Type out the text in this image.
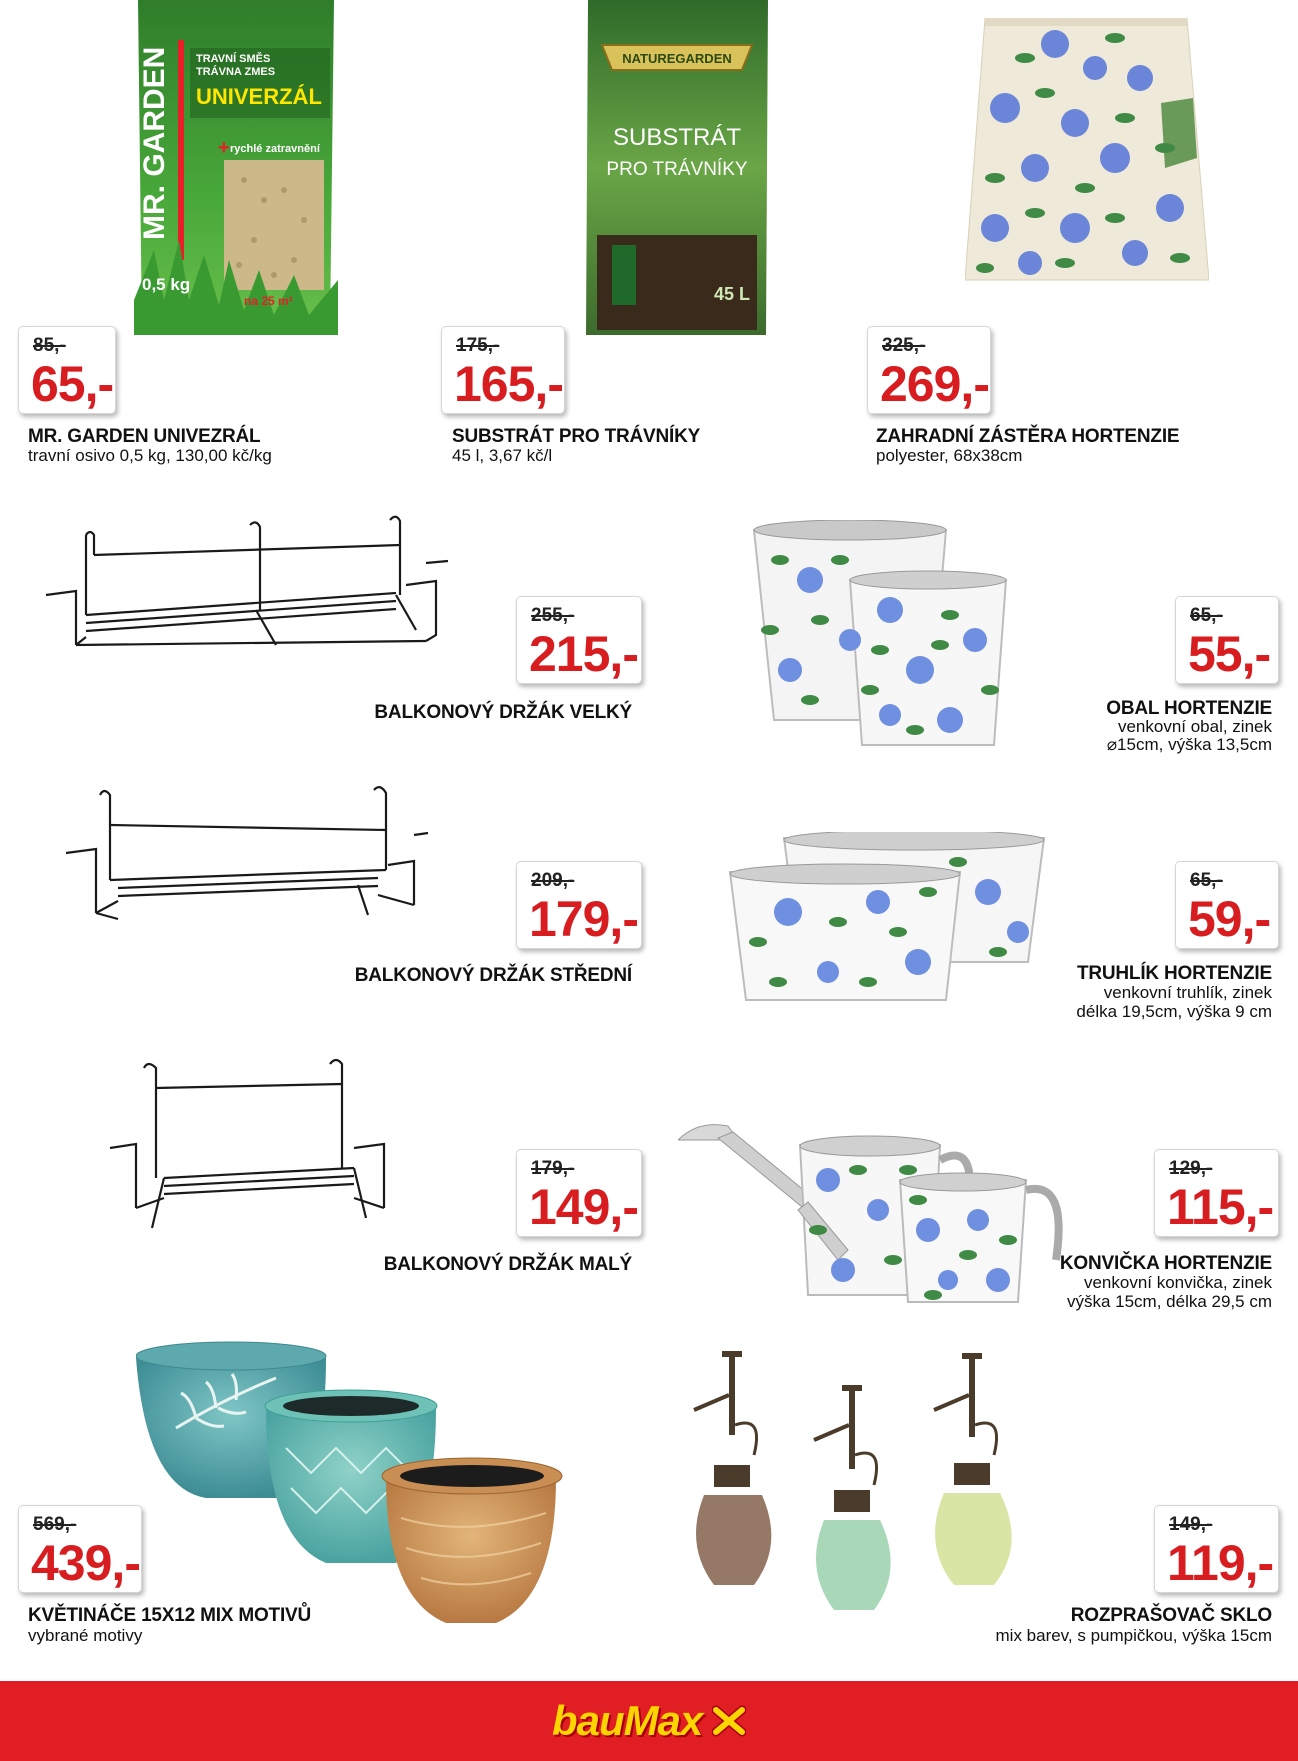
MR. GARDEN TRAVNÍ SMĚS
TRÁVNA ZMES
UNIVERZÁL
rychlé zatravnění
+
0,5 kg
na 25 m²
NATUREGARDEN
SUBSTRÁT
PRO TRÁVNÍKY
45 L
85,-
65,-
MR. GARDEN UNIVEZRÁL
travní osivo 0,5 kg, 130,00 kč/kg
175,-
165,-
SUBSTRÁT PRO TRÁVNÍKY
45 l, 3,67 kč/l
325,-
269,-
ZAHRADNÍ ZÁSTĚRA HORTENZIE
polyester, 68x38cm
255,-
215,-
BALKONOVÝ DRŽÁK VELKÝ
65,-
55,-
OBAL HORTENZIE
venkovní obal, zinek
⌀15cm, výška 13,5cm
209,-
179,-
BALKONOVÝ DRŽÁK STŘEDNÍ
65,-
59,-
TRUHLÍK HORTENZIE
venkovní truhlík, zinek
délka 19,5cm, výška 9 cm
179,-
149,-
BALKONOVÝ DRŽÁK MALÝ
129,-
115,-
KONVIČKA HORTENZIE
venkovní konvička, zinek
výška 15cm, délka 29,5 cm
569,-
439,-
KVĚTINÁČE 15X12 MIX MOTIVŮ
vybrané motivy
149,-
119,-
ROZPRAŠOVAČ SKLO
mix barev, s pumpičkou, výška 15cm
bauMax
